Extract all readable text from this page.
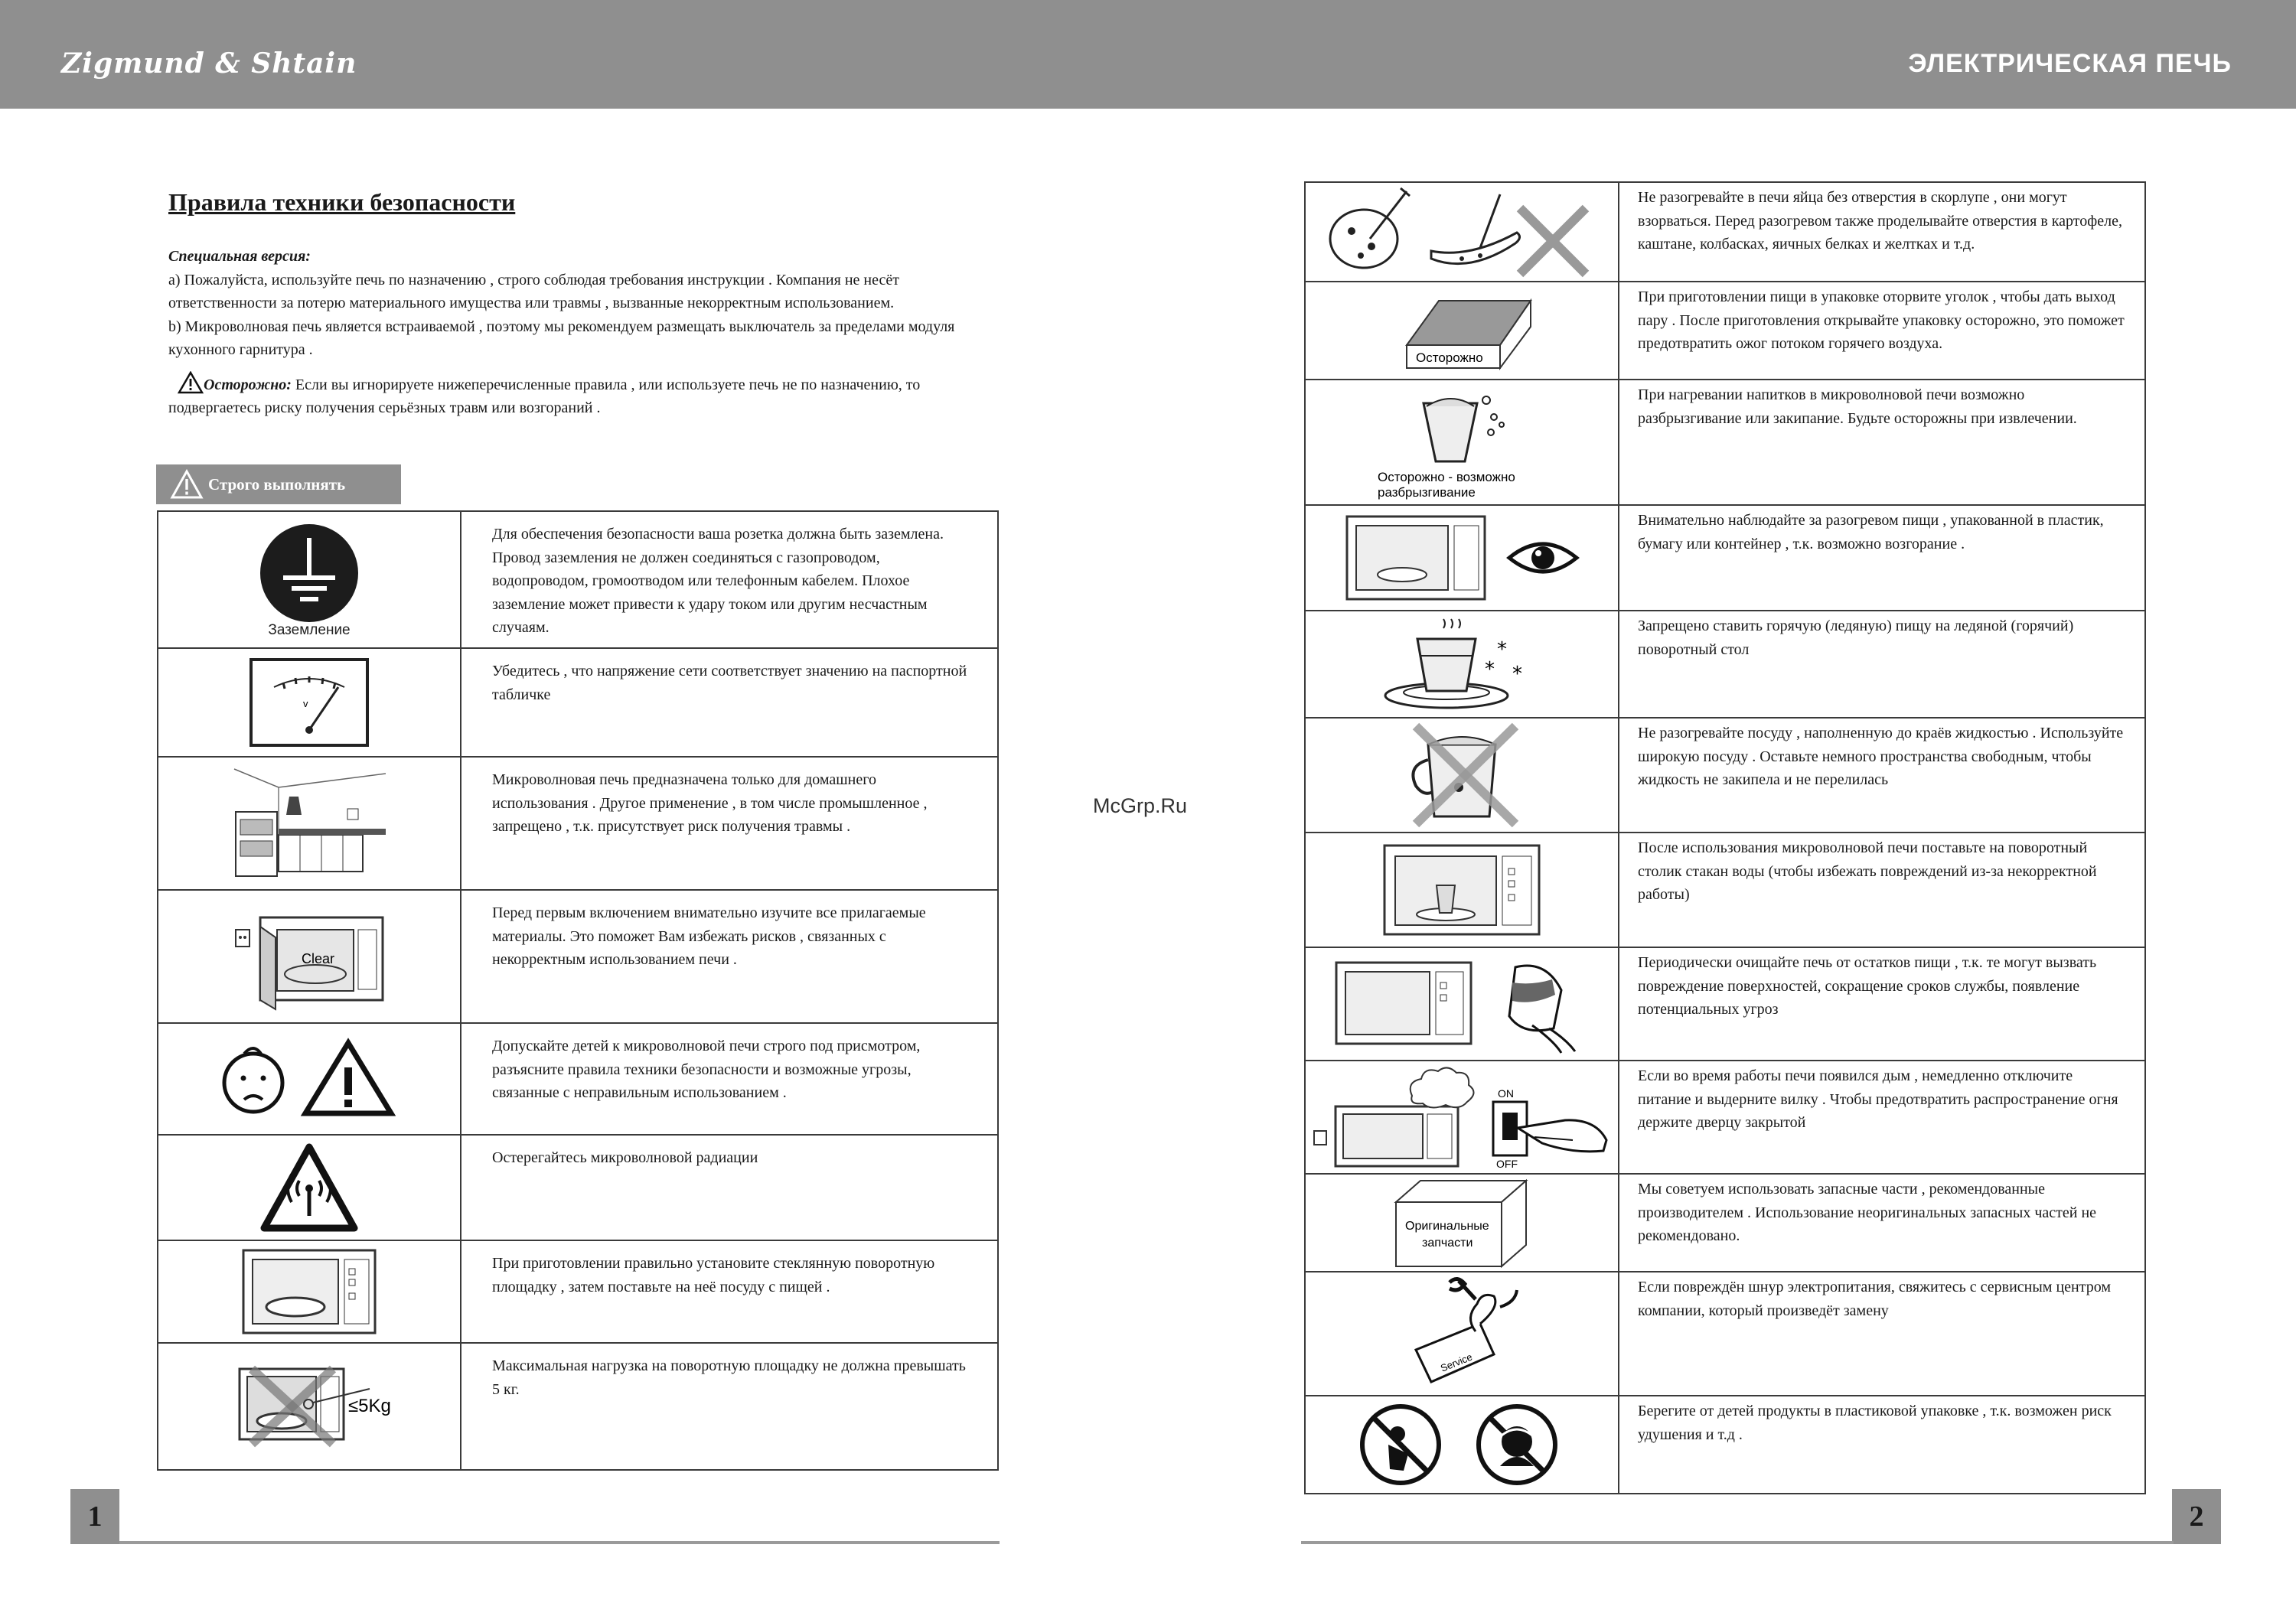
Zigmund & Shtain	ЭЛЕКТРИЧЕСКАЯ ПЕЧЬ
McGrp.Ru
Правила техники безопасности

Специальная версия:

а) Пожалуйста, используйте печь по назначению , строго соблюдая требования инструкции . Компания не несёт ответственности за потерю материального имущества или травмы , вызванные некорректным использованием.

b) Микроволновая печь является встраиваемой , поэтому мы рекомендуем размещать выключатель за пределами модуля кухонного гарнитура .

Осторожно: Если вы игнорируете нижеперечисленные правила , или используете печь не по назначению, то подвергаетесь риску получения серьёзных травм или возгораний .

Строго выполнять
Заземление	Для обеспечения безопасности ваша розетка должна быть заземлена. Провод заземления не должен соединяться с газопроводом, водопроводом, громоотводом или телефонным кабелем. Плохое заземление может привести к удару током или другим несчастным случаям.

v	Убедитесь , что напряжение сети соответствует значению на паспортной табличке

	Микроволновая печь предназначена только для домашнего использования . Другое применение , в том числе промышленное , запрещено , т.к. присутствует риск получения травмы .

Clear	Перед первым включением внимательно изучите все прилагаемые материалы. Это поможет Вам избежать рисков , связанных с некорректным использованием печи .

	Допускайте детей к микроволновой печи строго под присмотром, разъясните правила техники безопасности и возможные угрозы, связанные с неправильным использованием .

	Остерегайтесь микроволновой радиации

	При приготовлении правильно установите стеклянную поворотную площадку , затем поставьте на неё посуду с пищей .

≤5Kg	Максимальная нагрузка на поворотную площадку не должна превышать 5 кг.
1
	Не разогревайте в печи яйца без отверстия в скорлупе , они могут взорваться. Перед разогревом также проделывайте отверстия в картофеле, каштане, колбасках, яичных белках и желтках и т.д.

Осторожно	При приготовлении пищи в упаковке оторвите уголок , чтобы дать выход пару . После приготовления открывайте упаковку осторожно, это поможет предотвратить ожог потоком горячего воздуха.

Осторожно - возможно
разбрызгивание	При нагревании напитков в микроволновой печи возможно разбрызгивание или закипание. Будьте осторожны при извлечении.

	Внимательно наблюдайте за разогревом пищи , упакованной в пластик, бумагу или контейнер , т.к. возможно возгорание .

*
* *	Запрещено ставить горячую (ледяную) пищу на ледяной (горячий) поворотный стол

	Не разогревайте посуду , наполненную до краёв жидкостью . Используйте широкую посуду . Оставьте немного пространства свободным, чтобы жидкость не закипела и не перелилась

	После использования микроволновой печи поставьте на поворотный столик стакан воды (чтобы избежать повреждений из-за некорректной работы)

	Периодически очищайте печь от остатков пищи , т.к. те могут вызвать повреждение поверхностей, сокращение сроков службы, появление потенциальных угроз

ON
OFF	Если во время работы печи появился дым , немедленно отключите питание и выдерните вилку . Чтобы предотвратить распространение огня держите дверцу закрытой

Оригинальные
запчасти	Мы советуем использовать запасные части , рекомендованные производителем . Использование неоригинальных запасных частей не рекомендовано.

Service	Если повреждён шнур электропитания, свяжитесь с сервисным центром компании, который произведёт замену

	Берегите от детей продукты в пластиковой упаковке , т.к. возможен риск удушения и т.д .
2
